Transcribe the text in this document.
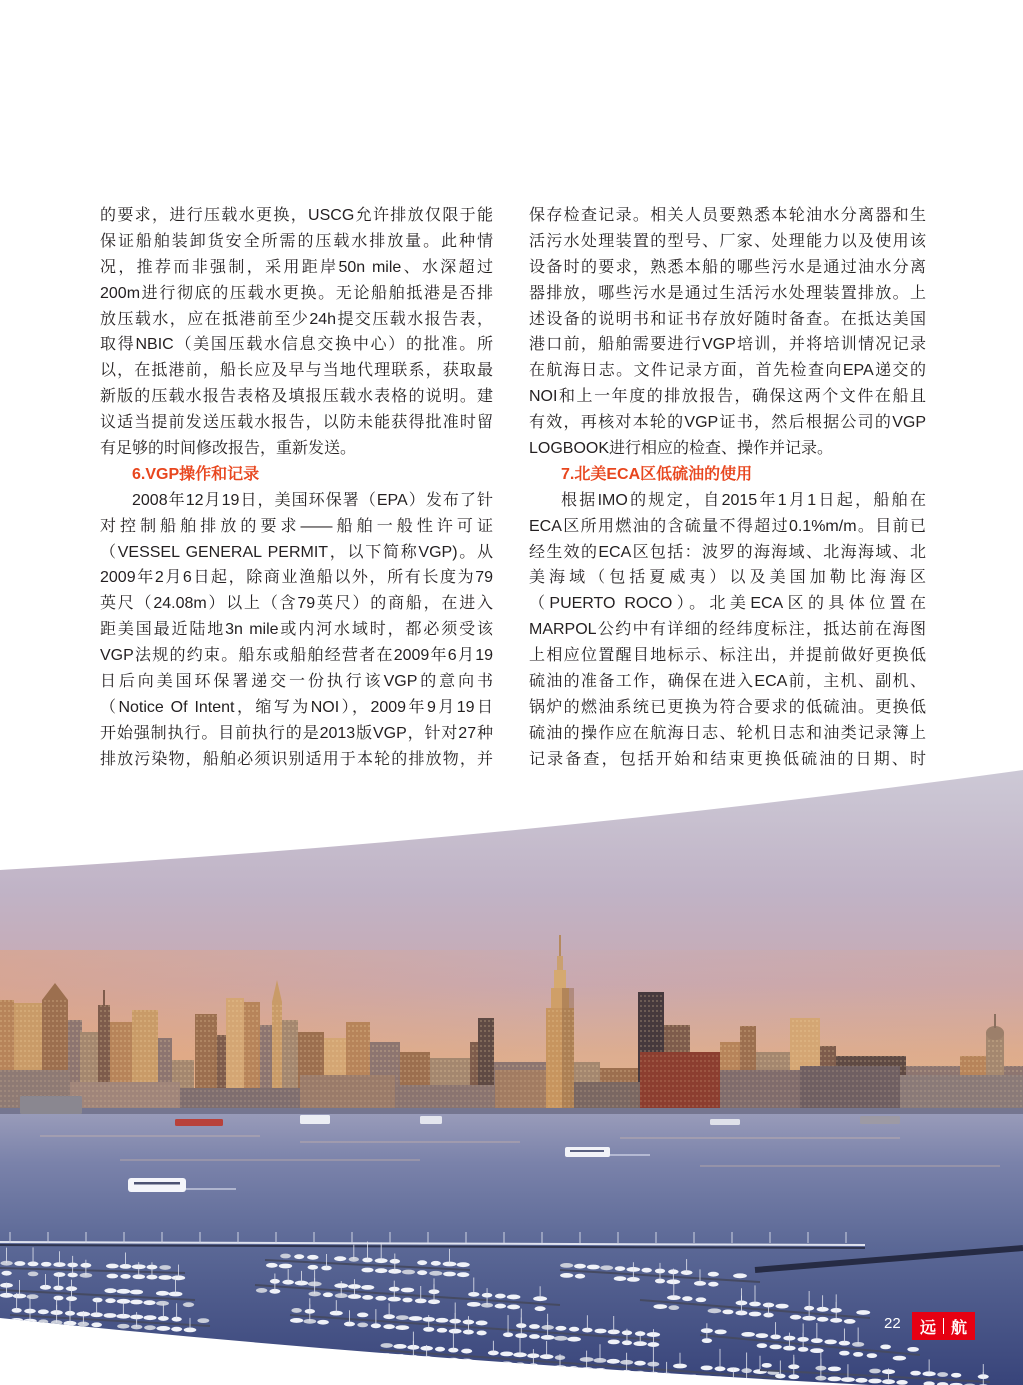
的要求，进行压载水更换，USCG允许排放仅限于能
保证船舶装卸货安全所需的压载水排放量。此种情
况，推荐而非强制，采用距岸50n mile、水深超过
200m进行彻底的压载水更换。无论船舶抵港是否排
放压载水，应在抵港前至少24h提交压载水报告表，
取得NBIC（美国压载水信息交换中心）的批准。所
以，在抵港前，船长应及早与当地代理联系，获取最
新版的压载水报告表格及填报压载水表格的说明。建
议适当提前发送压载水报告，以防未能获得批准时留
有足够的时间修改报告，重新发送。
6.VGP操作和记录
2008年12月19日，美国环保署（EPA）发布了针
对控制船舶排放的要求——船舶一般性许可证
（VESSEL GENERAL PERMIT，以下简称VGP)。从
2009年2月6日起，除商业渔船以外，所有长度为79
英尺（24.08m）以上（含79英尺）的商船，在进入
距美国最近陆地3n mile或内河水域时，都必须受该
VGP法规的约束。船东或船舶经营者在2009年6月19
日后向美国环保署递交一份执行该VGP的意向书
（Notice Of Intent，缩写为NOI），2009年9月19日
开始强制执行。目前执行的是2013版VGP，针对27种
排放污染物，船舶必须识别适用于本轮的排放物，并
保存检查记录。相关人员要熟悉本轮油水分离器和生
活污水处理装置的型号、厂家、处理能力以及使用该
设备时的要求，熟悉本船的哪些污水是通过油水分离
器排放，哪些污水是通过生活污水处理装置排放。上
述设备的说明书和证书存放好随时备查。在抵达美国
港口前，船舶需要进行VGP培训，并将培训情况记录
在航海日志。文件记录方面，首先检查向EPA递交的
NOI和上一年度的排放报告，确保这两个文件在船且
有效，再核对本轮的VGP证书，然后根据公司的VGP
LOGBOOK进行相应的检查、操作并记录。
7.北美ECA区低硫油的使用
根据IMO的规定，自2015年1月1日起，船舶在
ECA区所用燃油的含硫量不得超过0.1%m/m。目前已
经生效的ECA区包括：波罗的海海域、北海海域、北
美海域（包括夏威夷）以及美国加勒比海海区
（PUERTO ROCO）。北美ECA区的具体位置在
MARPOL公约中有详细的经纬度标注，抵达前在海图
上相应位置醒目地标示、标注出，并提前做好更换低
硫油的准备工作，确保在进入ECA前，主机、副机、
锅炉的燃油系统已更换为符合要求的低硫油。更换低
硫油的操作应在航海日志、轮机日志和油类记录簿上
记录备查，包括开始和结束更换低硫油的日期、时
22 远 航
